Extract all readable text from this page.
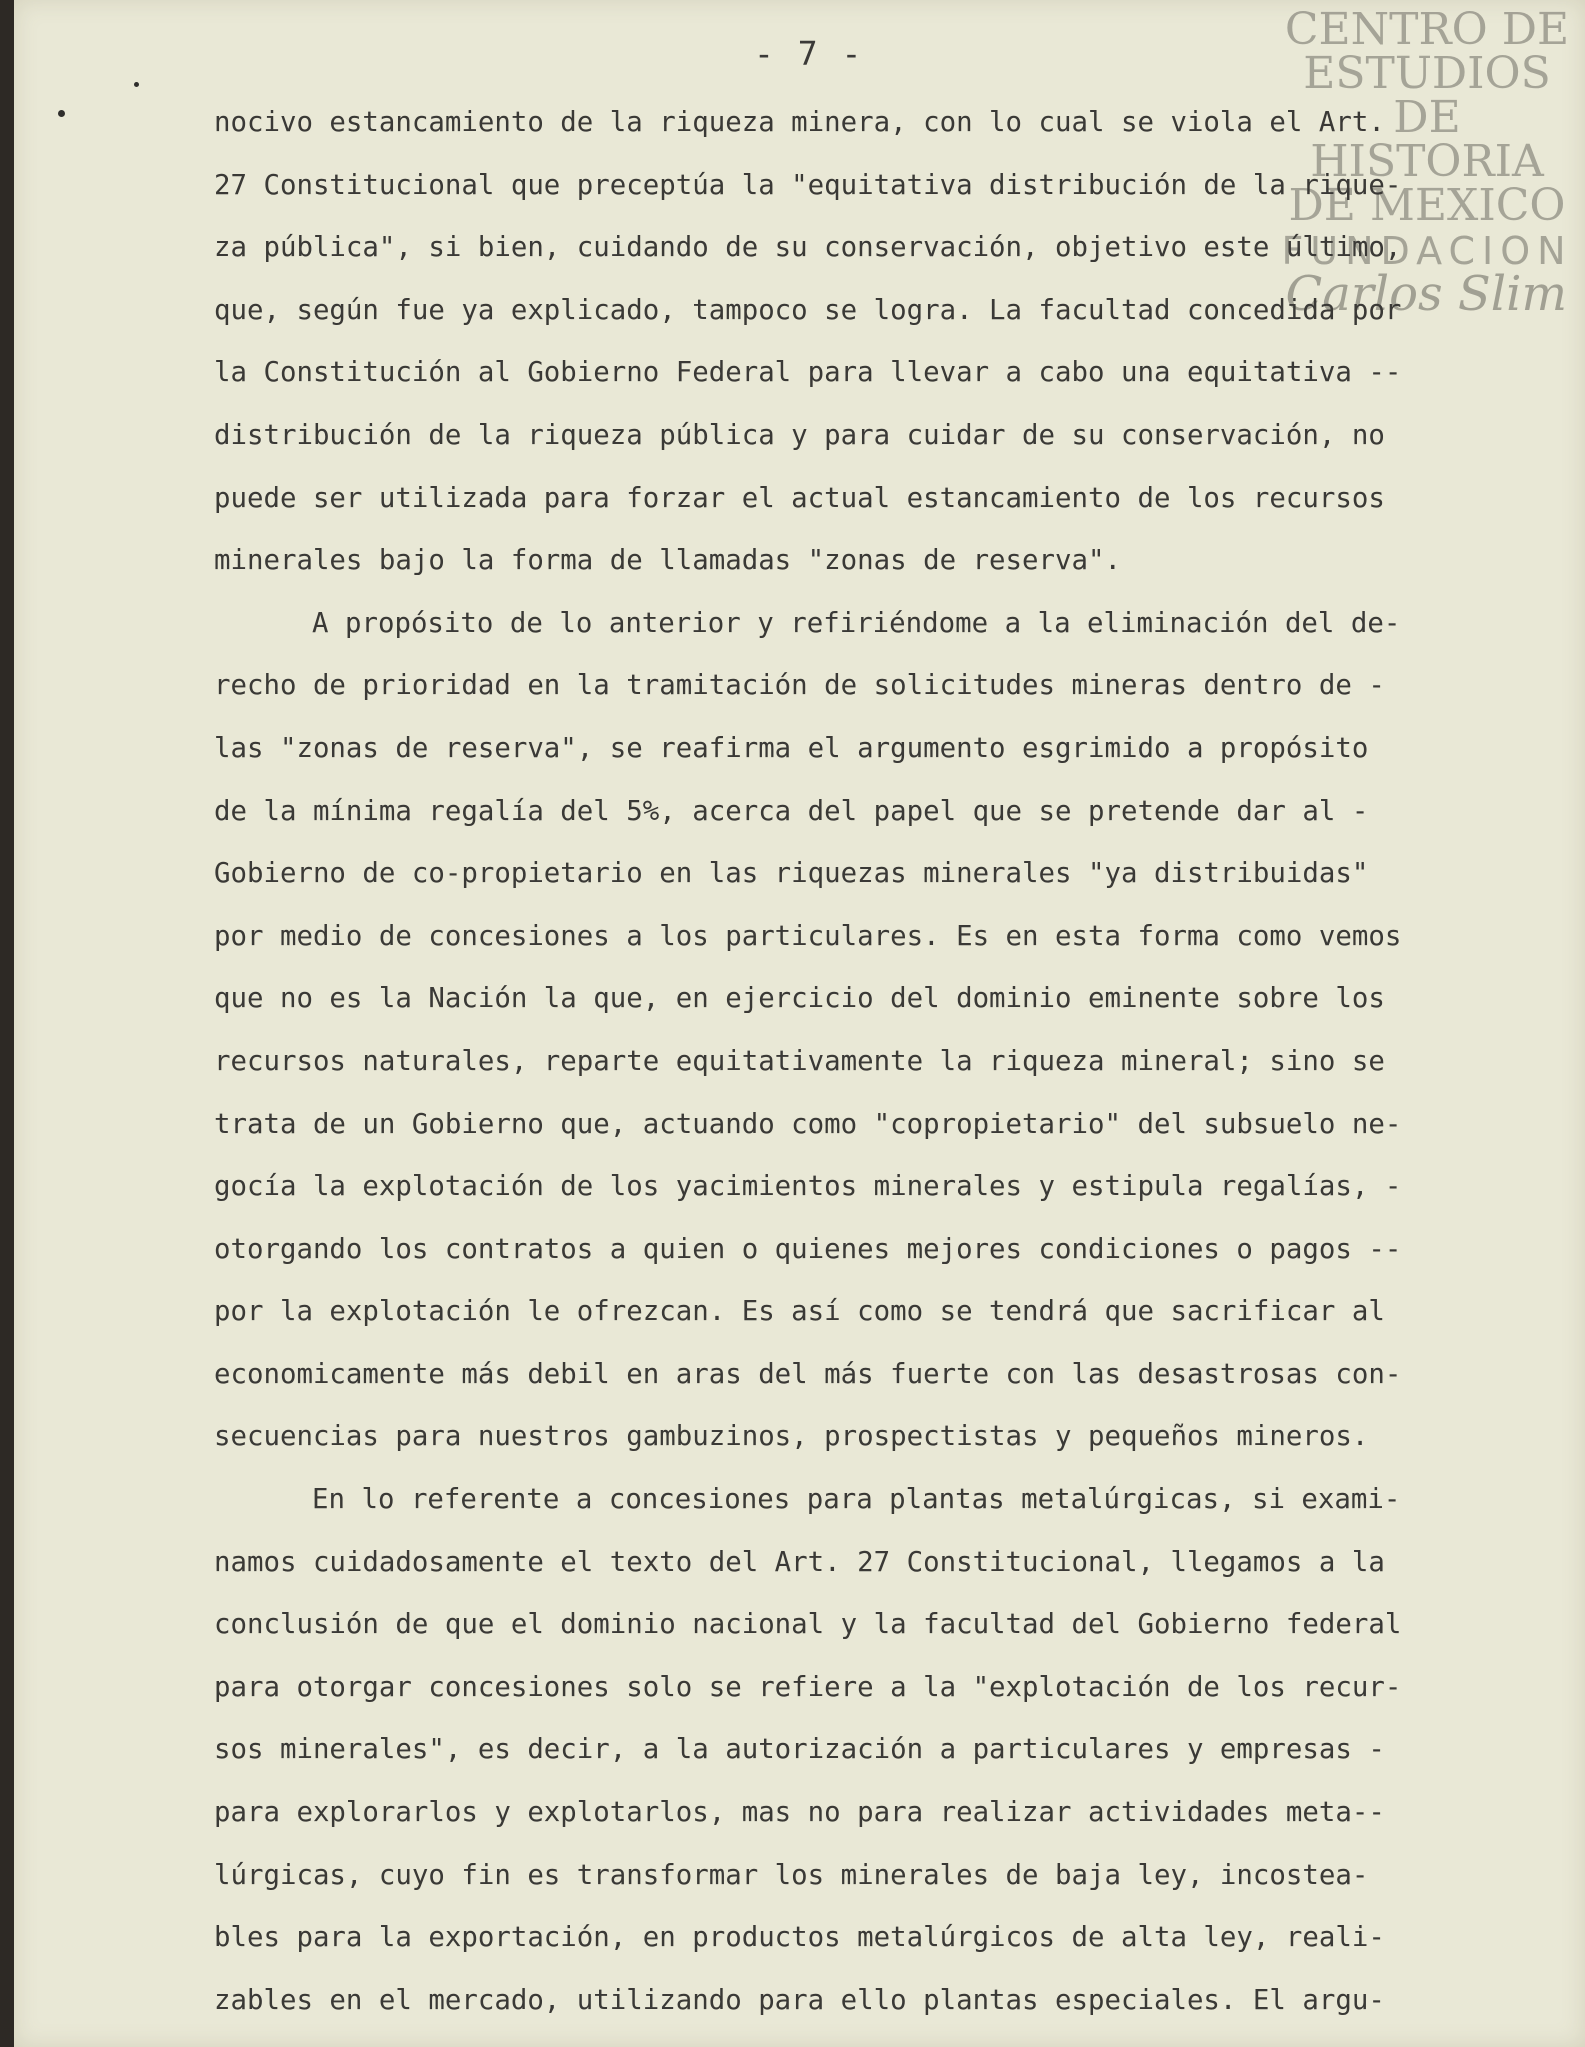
- 7 -	CENTRO DE
ESTUDIOS
DE HISTORIA
DE MEXICO
FUNDACION
Carlos Slim
nocivo estancamiento de la riqueza minera, con lo cual se viola el Art.
27 Constitucional que preceptúa la "equitativa distribución de la rique-
za pública", si bien, cuidando de su conservación, objetivo este último,
que, según fue ya explicado, tampoco se logra. La facultad concedida por
la Constitución al Gobierno Federal para llevar a cabo una equitativa --
distribución de la riqueza pública y para cuidar de su conservación, no
puede ser utilizada para forzar el actual estancamiento de los recursos
minerales bajo la forma de llamadas "zonas de reserva".
A propósito de lo anterior y refiriéndome a la eliminación del de-
recho de prioridad en la tramitación de solicitudes mineras dentro de -
las "zonas de reserva", se reafirma el argumento esgrimido a propósito
de la mínima regalía del 5%, acerca del papel que se pretende dar al -
Gobierno de co-propietario en las riquezas minerales "ya distribuidas"
por medio de concesiones a los particulares. Es en esta forma como vemos
que no es la Nación la que, en ejercicio del dominio eminente sobre los
recursos naturales, reparte equitativamente la riqueza mineral; sino se
trata de un Gobierno que, actuando como "copropietario" del subsuelo ne-
gocía la explotación de los yacimientos minerales y estipula regalías, -
otorgando los contratos a quien o quienes mejores condiciones o pagos --
por la explotación le ofrezcan. Es así como se tendrá que sacrificar al
economicamente más debil en aras del más fuerte con las desastrosas con-
secuencias para nuestros gambuzinos, prospectistas y pequeños mineros.
En lo referente a concesiones para plantas metalúrgicas, si exami-
namos cuidadosamente el texto del Art. 27 Constitucional, llegamos a la
conclusión de que el dominio nacional y la facultad del Gobierno federal
para otorgar concesiones solo se refiere a la "explotación de los recur-
sos minerales", es decir, a la autorización a particulares y empresas -
para explorarlos y explotarlos, mas no para realizar actividades meta--
lúrgicas, cuyo fin es transformar los minerales de baja ley, incostea-
bles para la exportación, en productos metalúrgicos de alta ley, reali-
zables en el mercado, utilizando para ello plantas especiales. El argu-
